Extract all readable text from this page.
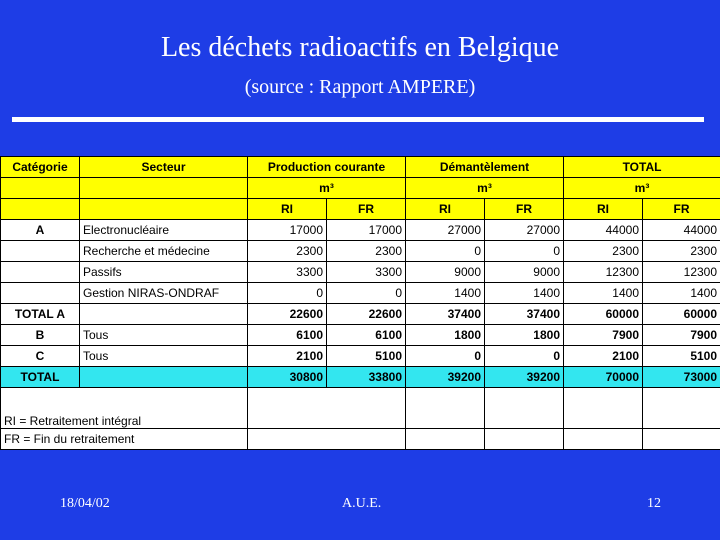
Les déchets radioactifs en Belgique
(source : Rapport AMPERE)
Catégorie	Secteur	Production courante		Démantèlement		TOTAL	
		m³		m³		m³	
		RI	FR	RI	FR	RI	FR
A	Electronucléaire	17000	17000	27000	27000	44000	44000
	Recherche et médecine	2300	2300	0	0	2300	2300
	Passifs	3300	3300	9000	9000	12300	12300
	Gestion NIRAS-ONDRAF	0	0	1400	1400	1400	1400
TOTAL A		22600	22600	37400	37400	60000	60000
B	Tous	6100	6100	1800	1800	7900	7900
C	Tous	2100	5100	0	0	2100	5100
TOTAL		30800	33800	39200	39200	70000	73000
RI = Retraitement intégral							
FR = Fin du retraitement							
18/04/02	A.U.E.	12
